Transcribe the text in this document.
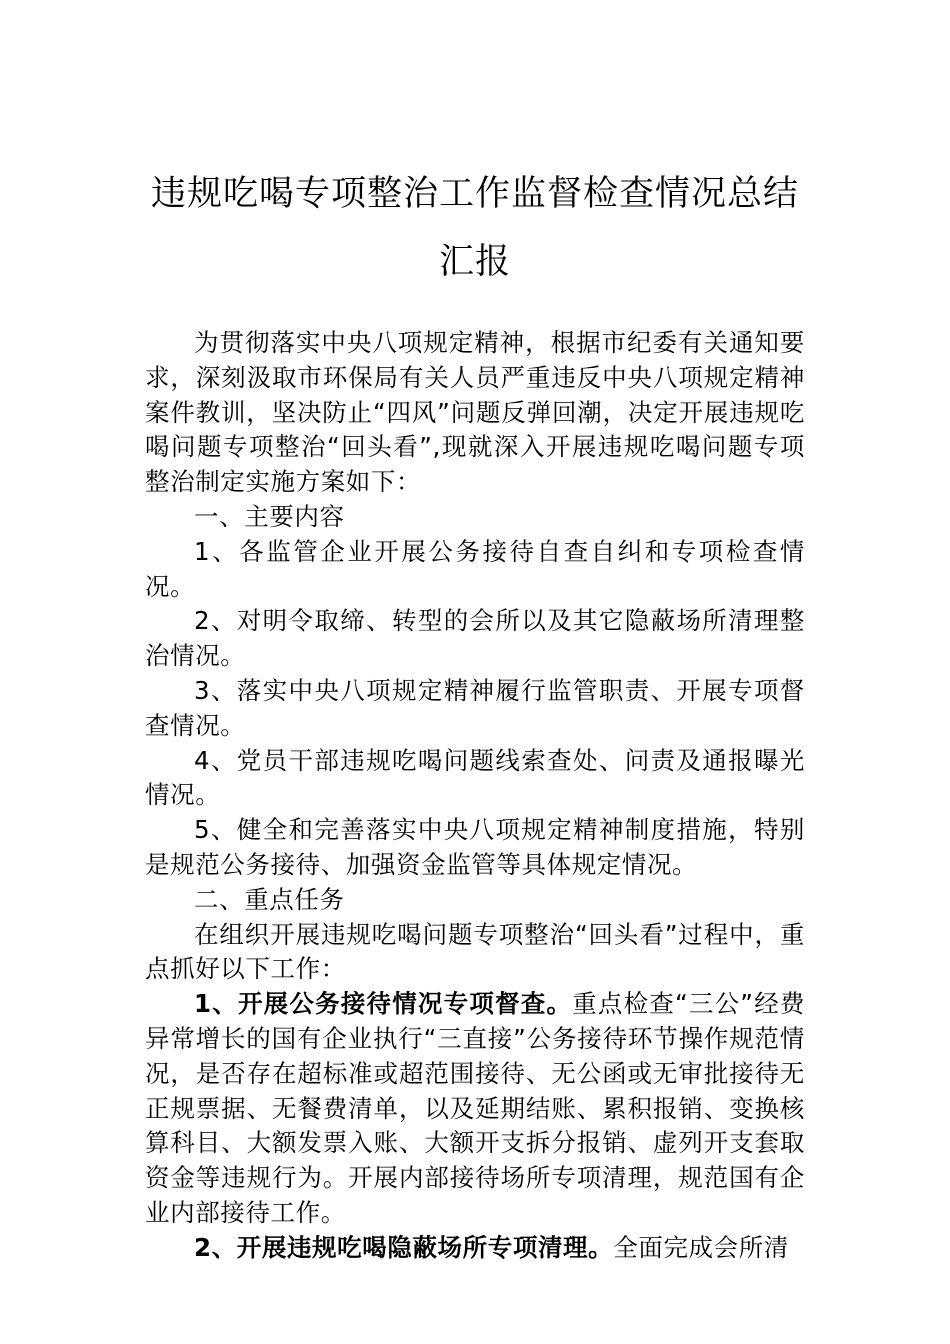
违规吃喝专项整治工作监督检查情况总结汇报

为贯彻落实中央八项规定精神，根据市纪委有关通知要求，深刻汲取市环保局有关人员严重违反中央八项规定精神案件教训，坚决防止“四风”问题反弹回潮，决定开展违规吃喝问题专项整治“回头看”,现就深入开展违规吃喝问题专项整治制定实施方案如下：

一、主要内容

1、各监管企业开展公务接待自查自纠和专项检查情况。

2、对明令取缔、转型的会所以及其它隐蔽场所清理整治情况。

3、落实中央八项规定精神履行监管职责、开展专项督查情况。

4、党员干部违规吃喝问题线索查处、问责及通报曝光情况。

5、健全和完善落实中央八项规定精神制度措施，特别是规范公务接待、加强资金监管等具体规定情况。

二、重点任务

在组织开展违规吃喝问题专项整治“回头看”过程中，重点抓好以下工作：

1、开展公务接待情况专项督查。重点检查“三公”经费异常增长的国有企业执行“三直接”公务接待环节操作规范情况，是否存在超标准或超范围接待、无公函或无审批接待无正规票据、无餐费清单，以及延期结账、累积报销、变换核算科目、大额发票入账、大额开支拆分报销、虚列开支套取资金等违规行为。开展内部接待场所专项清理，规范国有企业内部接待工作。

2、开展违规吃喝隐蔽场所专项清理。全面完成会所清
